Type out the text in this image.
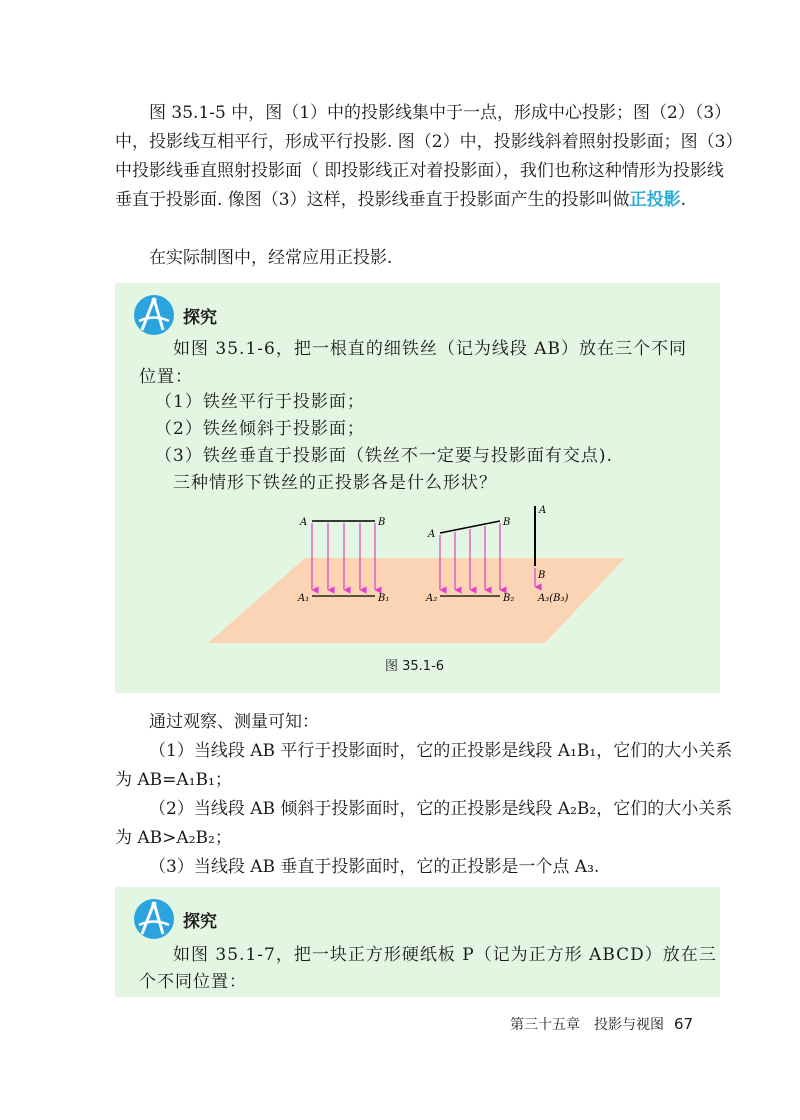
图 35.1-5 中，图（1）中的投影线集中于一点，形成中心投影；图（2）（3）中，投影线互相平行，形成平行投影. 图（2）中，投影线斜着照射投影面；图（3）中投影线垂直照射投影面（ 即投影线正对着投影面），我们也称这种情形为投影线垂直于投影面. 像图（3）这样，投影线垂直于投影面产生的投影叫做正投影.

在实际制图中，经常应用正投影.

探究
如图 35.1-6，把一根直的细铁丝（记为线段 AB）放在三个不同
位置：
（1）铁丝平行于投影面；
（2）铁丝倾斜于投影面；
（3）铁丝垂直于投影面（铁丝不一定要与投影面有交点).
三种情形下铁丝的正投影各是什么形状？
A	B
A₁	B₁
A
B
A₂	B₂
A
B
A₃(B₃)
图 35.1-6

通过观察、测量可知：

（1）当线段 AB 平行于投影面时，它的正投影是线段 A₁B₁，它们的大小关系为 AB=A₁B₁；

（2）当线段 AB 倾斜于投影面时，它的正投影是线段 A₂B₂，它们的大小关系为 AB>A₂B₂；

（3）当线段 AB 垂直于投影面时，它的正投影是一个点 A₃.

探究
如图 35.1-7，把一块正方形硬纸板 P（记为正方形 ABCD）放在三
个不同位置：
第三十五章　投影与视图 67
